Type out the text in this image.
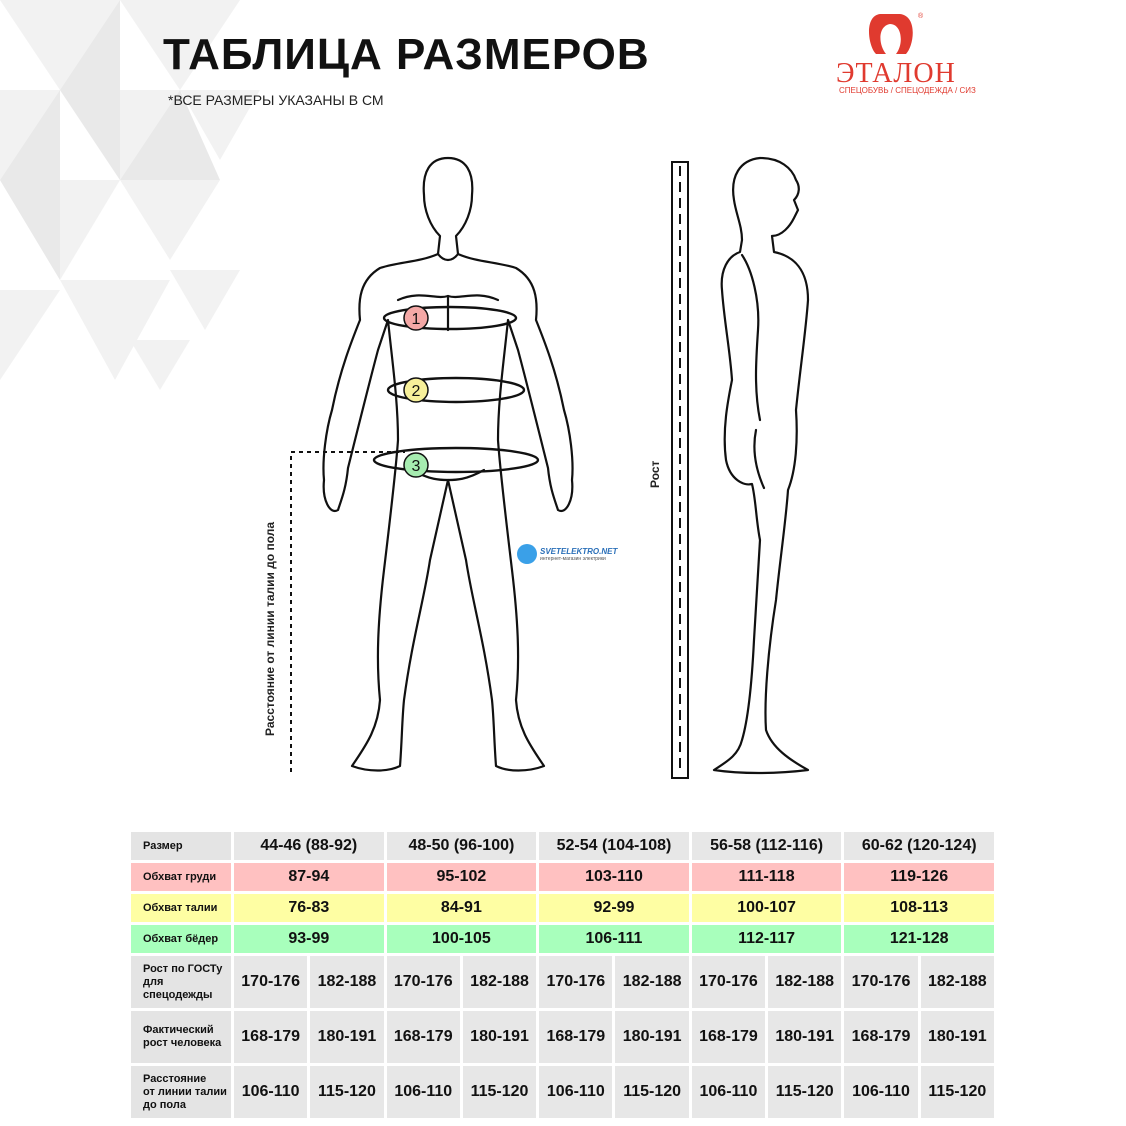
ТАБЛИЦА РАЗМЕРОВ
*ВСЕ РАЗМЕРЫ УКАЗАНЫ В СМ
®
ЭТАЛОН
СПЕЦОБУВЬ / СПЕЦОДЕЖДА / СИЗ
1
2
3
Расстояние от линии талии до пола
Рост
SVETELEKTRO.NET
интернет-магазин электрики
Размер	44-46 (88-92)		48-50 (96-100)		52-54 (104-108)		56-58 (112-116)		60-62 (120-124)	
Обхват груди	87-94		95-102		103-110		111-118		119-126	
Обхват талии	76-83		84-91		92-99		100-107		108-113	
Обхват бёдер	93-99		100-105		106-111		112-117		121-128	
Рост по ГОСТу
для спецодежды	170-176	182-188	170-176	182-188	170-176	182-188	170-176	182-188	170-176	182-188
Фактический
рост человека	168-179	180-191	168-179	180-191	168-179	180-191	168-179	180-191	168-179	180-191
Расстояние
от линии талии
до пола	106-110	115-120	106-110	115-120	106-110	115-120	106-110	115-120	106-110	115-120
